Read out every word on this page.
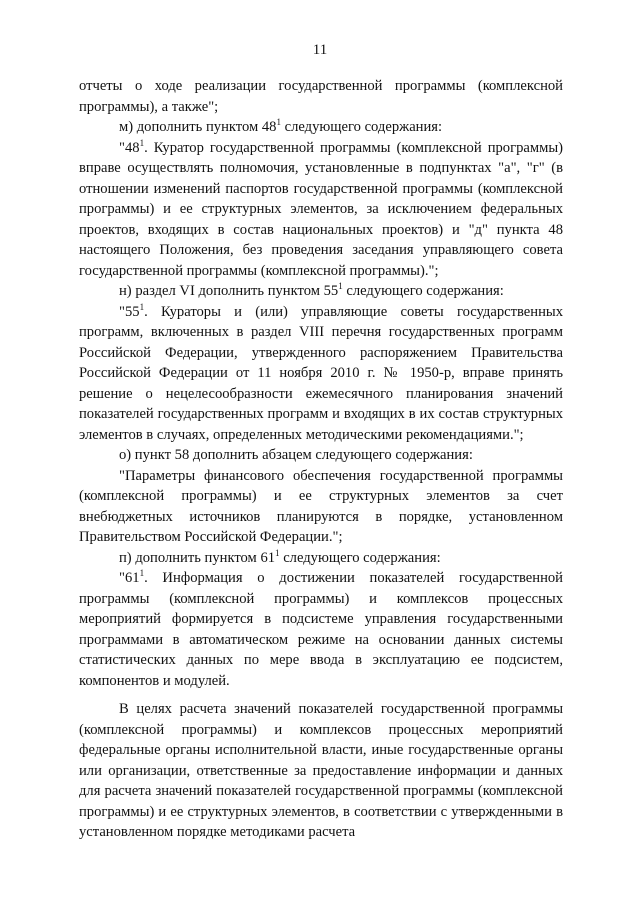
11

отчеты о ходе реализации государственной программы (комплексной программы), а также";

м) дополнить пунктом $48^1$ следующего содержания:

"$48^1$. Куратор государственной программы (комплексной программы) вправе осуществлять полномочия, установленные в подпунктах "а", "г" (в отношении изменений паспортов государственной программы (комплексной программы) и ее структурных элементов, за исключением федеральных проектов, входящих в состав национальных проектов) и "д" пункта 48 настоящего Положения, без проведения заседания управляющего совета государственной программы (комплексной программы).";

н) раздел VI дополнить пунктом $55^1$ следующего содержания:

"$55^1$. Кураторы и (или) управляющие советы государственных программ, включенных в раздел VIII перечня государственных программ Российской Федерации, утвержденного распоряжением Правительства Российской Федерации от 11 ноября 2010 г. № 1950-р, вправе принять решение о нецелесообразности ежемесячного планирования значений показателей государственных программ и входящих в их состав структурных элементов в случаях, определенных методическими рекомендациями.";

о) пункт 58 дополнить абзацем следующего содержания:

"Параметры финансового обеспечения государственной программы (комплексной программы) и ее структурных элементов за счет внебюджетных источников планируются в порядке, установленном Правительством Российской Федерации.";

п) дополнить пунктом $61^1$ следующего содержания:

"$61^1$. Информация о достижении показателей государственной программы (комплексной программы) и комплексов процессных мероприятий формируется в подсистеме управления государственными программами в автоматическом режиме на основании данных системы статистических данных по мере ввода в эксплуатацию ее подсистем, компонентов и модулей.

В целях расчета значений показателей государственной программы (комплексной программы) и комплексов процессных мероприятий федеральные органы исполнительной власти, иные государственные органы или организации, ответственные за предоставление информации и данных для расчета значений показателей государственной программы (комплексной программы) и ее структурных элементов, в соответствии с утвержденными в установленном порядке методиками расчета
